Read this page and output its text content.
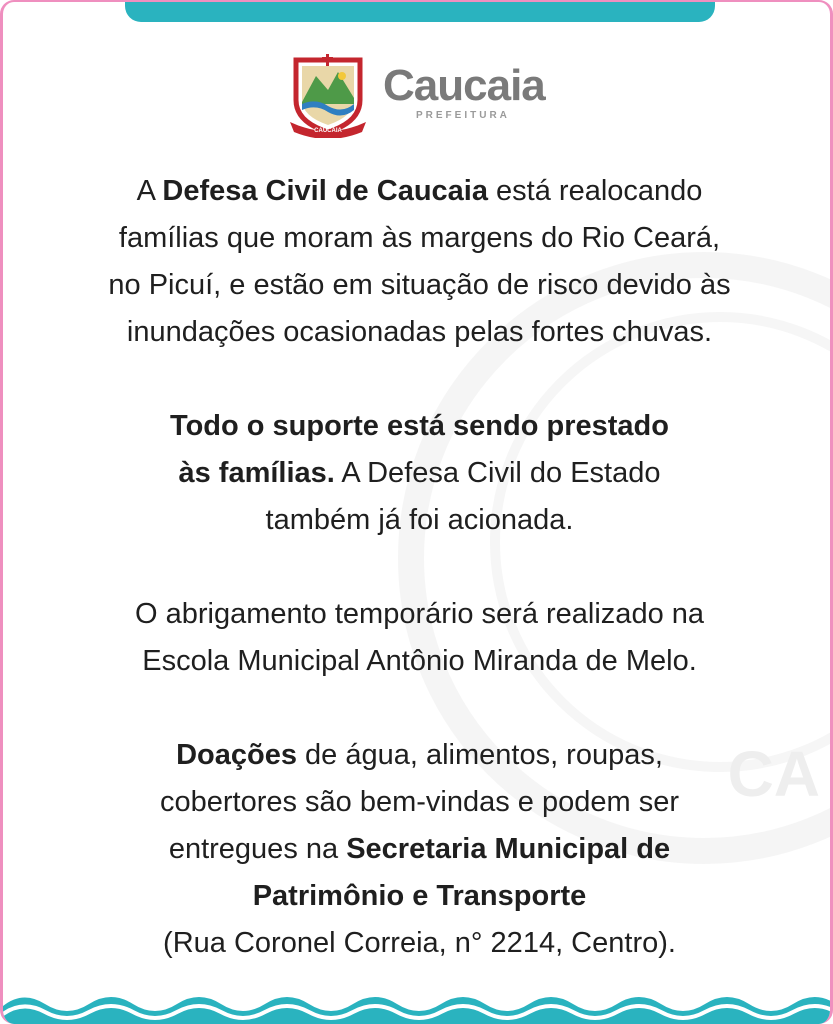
CA
CAUCAIA
Caucaia
PREFEITURA

A Defesa Civil de Caucaia está realocando
famílias que moram às margens do Rio Ceará,
no Picuí, e estão em situação de risco devido às
inundações ocasionadas pelas fortes chuvas.

Todo o suporte está sendo prestado
às famílias. A Defesa Civil do Estado
também já foi acionada.

O abrigamento temporário será realizado na
Escola Municipal Antônio Miranda de Melo.

Doações de água, alimentos, roupas,
cobertores são bem-vindas e podem ser
entregues na Secretaria Municipal de
Patrimônio e Transporte
(Rua Coronel Correia, n° 2214, Centro).
